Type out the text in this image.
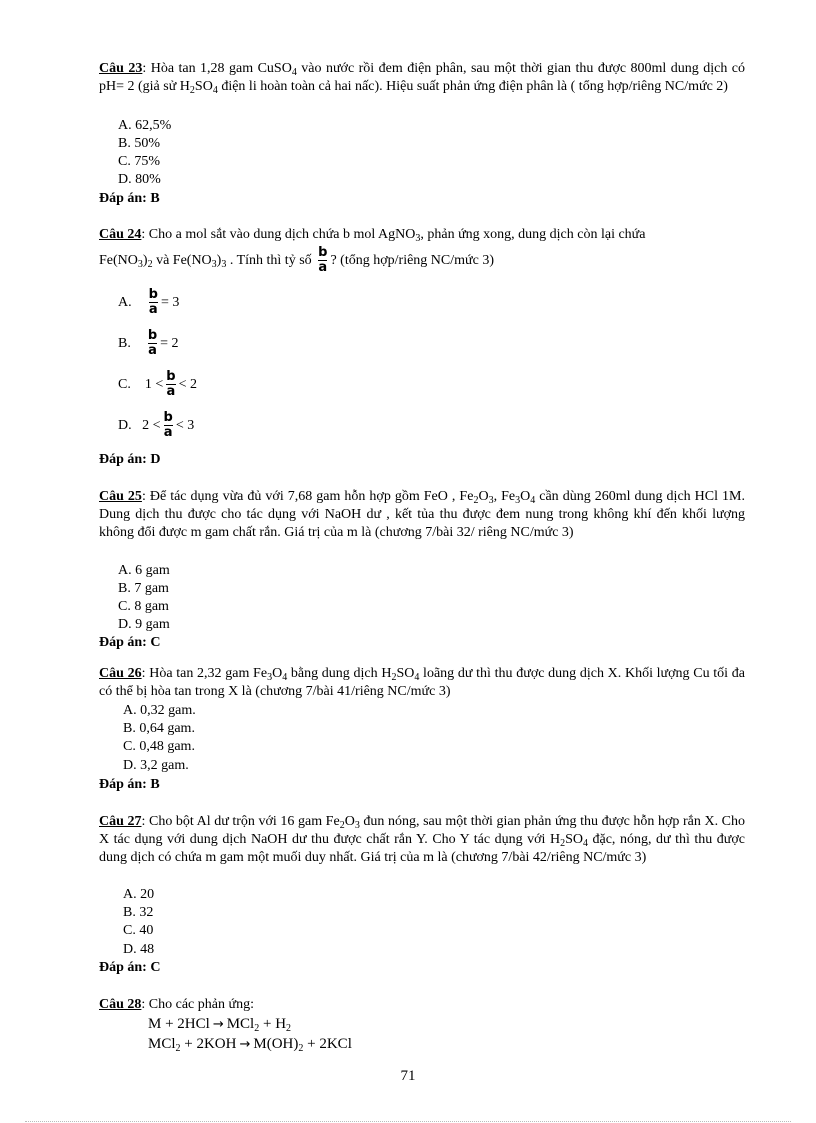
Câu 23: Hòa tan 1,28 gam CuSO$_4$ vào nước rồi đem điện phân, sau một thời gian thu được 800ml dung dịch có pH= 2 (giả sử $H_2SO_4$ điện li hoàn toàn cả hai nấc). Hiệu suất phản ứng điện phân là ( tổng hợp/riêng NC/mức 2)
A. 62,5%
B. 50%
C. 75%
D. 80%
Đáp án: B
Câu 24: Cho a mol sắt vào dung dịch chứa b mol AgNO$_3$, phản ứng xong, dung dịch còn lại chứa
$Fe(NO_3)_2$ và $Fe(NO_3)_3$ . Tính thì tỷ số $\frac{b}{a}$ ? (tổng hợp/riêng NC/mức 3)
A. $\frac{b}{a} = 3$
B. $\frac{b}{a} = 2$
C. $1 < \frac{b}{a} < 2$
D. $2 < \frac{b}{a} < 3$
Đáp án: D
Câu 25: Để tác dụng vừa đủ với 7,68 gam hỗn hợp gồm FeO , $Fe_2O_3$, $Fe_3O_4$ cần dùng 260ml dung dịch HCl 1M. Dung dịch thu được cho tác dụng với NaOH dư , kết tủa thu được đem nung trong không khí đến khối lượng không đổi được m gam chất rắn. Giá trị của m là (chương 7/bài 32/ riêng NC/mức 3)
A. 6 gam
B. 7 gam
C. 8 gam
D. 9 gam
Đáp án: C
Câu 26: Hòa tan 2,32 gam $Fe_3O_4$ bằng dung dịch $H_2SO_4$ loãng dư thì thu được dung dịch X. Khối lượng Cu tối đa có thể bị hòa tan trong X là (chương 7/bài 41/riêng NC/mức 3)
A. 0,32 gam.
B. 0,64 gam.
C. 0,48 gam.
D. 3,2 gam.
Đáp án: B
Câu 27: Cho bột Al dư trộn với 16 gam $Fe_2O_3$ đun nóng, sau một thời gian phản ứng thu được hỗn hợp rắn X. Cho X tác dụng với dung dịch NaOH dư thu được chất rắn Y. Cho Y tác dụng với $H_2SO_4$ đặc, nóng, dư thì thu được dung dịch có chứa m gam một muối duy nhất. Giá trị của m là (chương 7/bài 42/riêng NC/mức 3)
A. 20
B. 32
C. 40
D. 48
Đáp án: C
Câu 28: Cho các phản ứng:
$M + 2HCl \to MCl_2 + H_2$
$MCl_2 + 2KOH \to M(OH)_2 + 2KCl$
71
